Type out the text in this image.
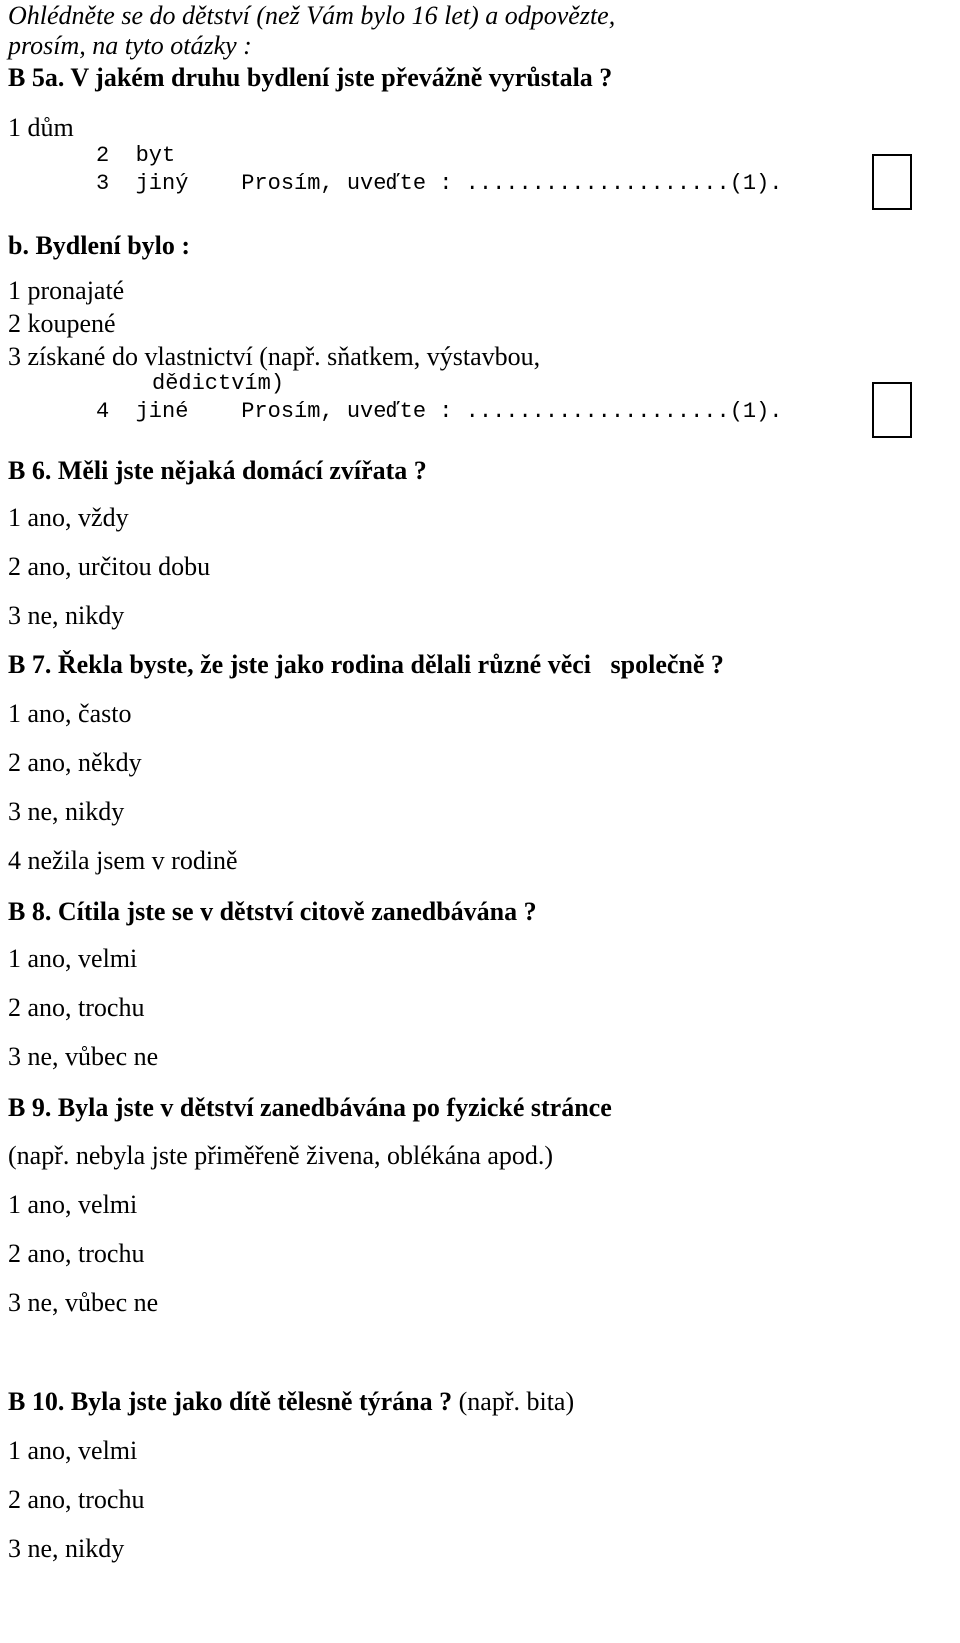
Ohlédněte se do dětství (než Vám bylo 16 let) a odpovězte,
prosím, na tyto otázky :
B 5a. V jakém druhu bydlení jste převážně vyrůstala ?
1 dům
2  byt
3  jiný    Prosím, uveďte : ....................(1).
b. Bydlení bylo :
1 pronajaté
2 koupené
3 získané do vlastnictví (např. sňatkem, výstavbou,
dědictvím)
4  jiné    Prosím, uveďte : ....................(1).
B 6. Měli jste nějaká domácí zvířata ?
1 ano, vždy
2 ano, určitou dobu
3 ne, nikdy
B 7. Řekla byste, že jste jako rodina dělali různé věci   společně ?
1 ano, často
2 ano, někdy
3 ne, nikdy
4 nežila jsem v rodině
B 8. Cítila jste se v dětství citově zanedbávána ?
1 ano, velmi
2 ano, trochu
3 ne, vůbec ne
B 9. Byla jste v dětství zanedbávána po fyzické stránce
(např. nebyla jste přiměřeně živena, oblékána apod.)
1 ano, velmi
2 ano, trochu
3 ne, vůbec ne
B 10. Byla jste jako dítě tělesně týrána ? (např. bita)
1 ano, velmi
2 ano, trochu
3 ne, nikdy
